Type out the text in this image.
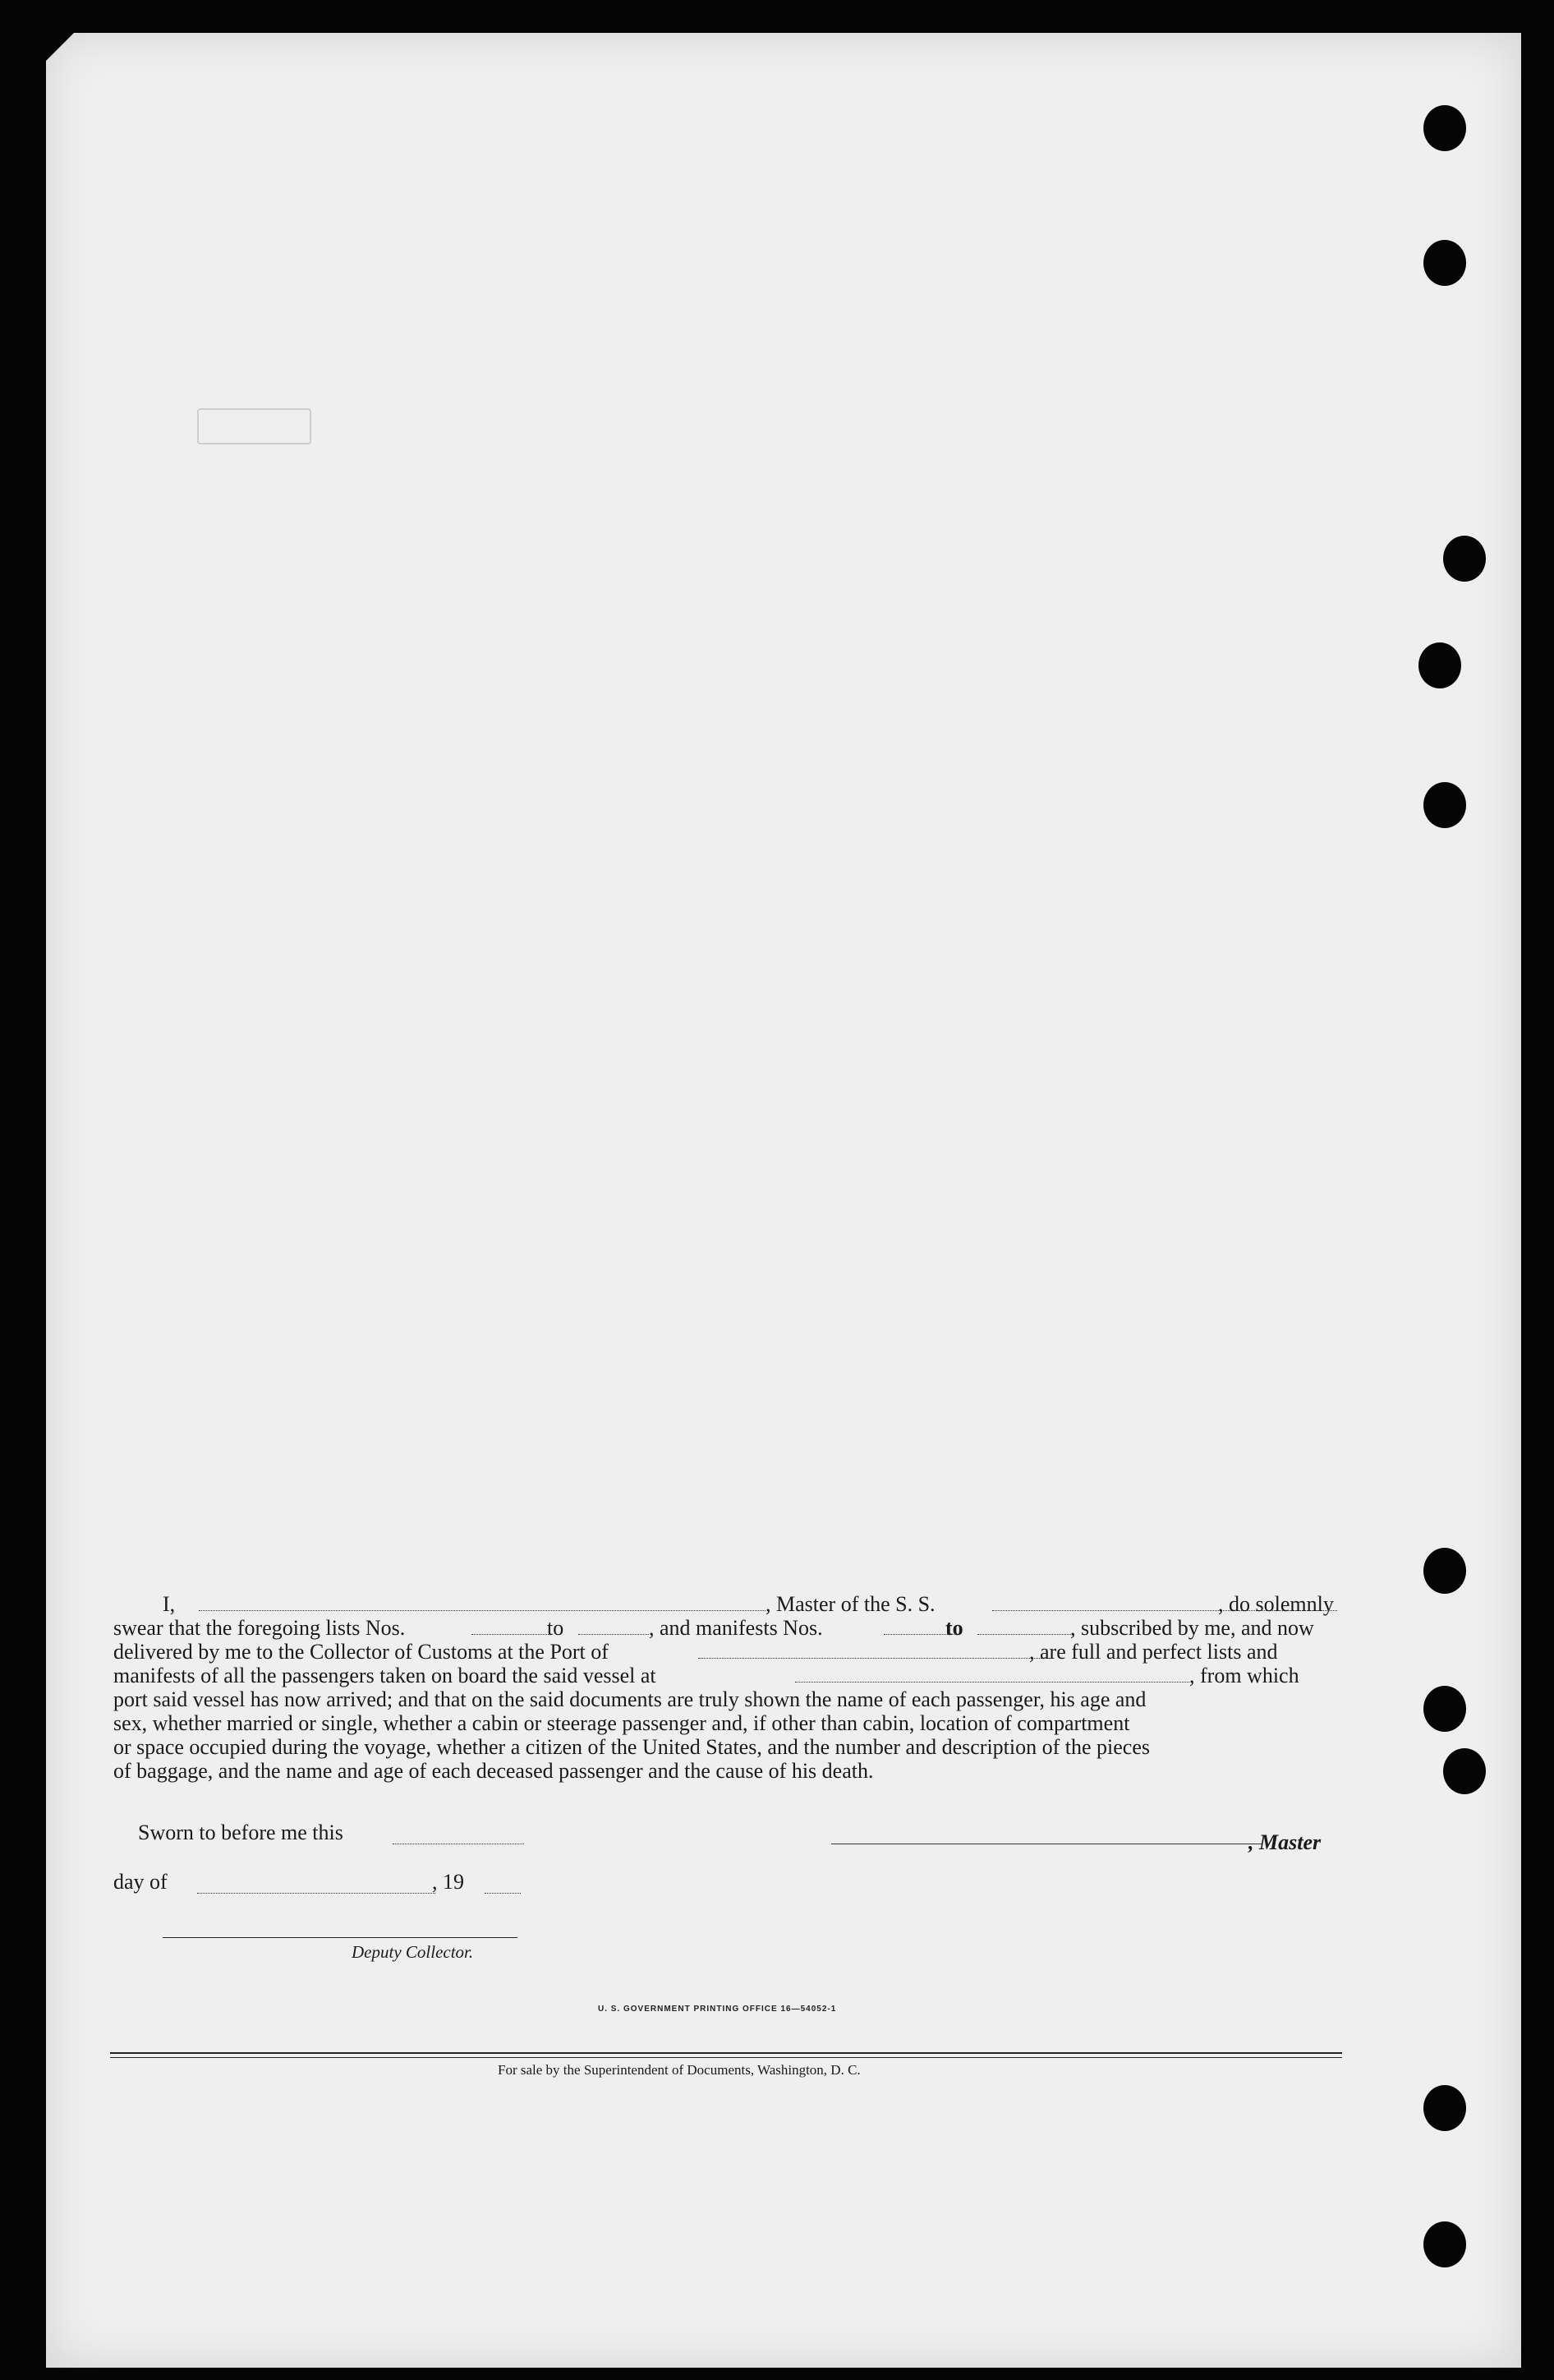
I,	, Master of the S. S.	, do solemnly
swear that the foregoing lists Nos.	to	, and manifests Nos.	to	, subscribed by me, and now
delivered by me to the Collector of Customs at the Port of	, are full and perfect lists and
manifests of all the passengers taken on board the said vessel at	, from which
port said vessel has now arrived; and that on the said documents are truly shown the name of each passenger, his age and
sex, whether married or single, whether a cabin or steerage passenger and, if other than cabin, location of compartment
or space occupied during the voyage, whether a citizen of the United States, and the number and description of the pieces
of baggage, and the name and age of each deceased passenger and the cause of his death.
Sworn to before me this	, Master
day of	, 19
Deputy Collector.
U. S. GOVERNMENT PRINTING OFFICE 16—54052-1
For sale by the Superintendent of Documents, Washington, D. C.
